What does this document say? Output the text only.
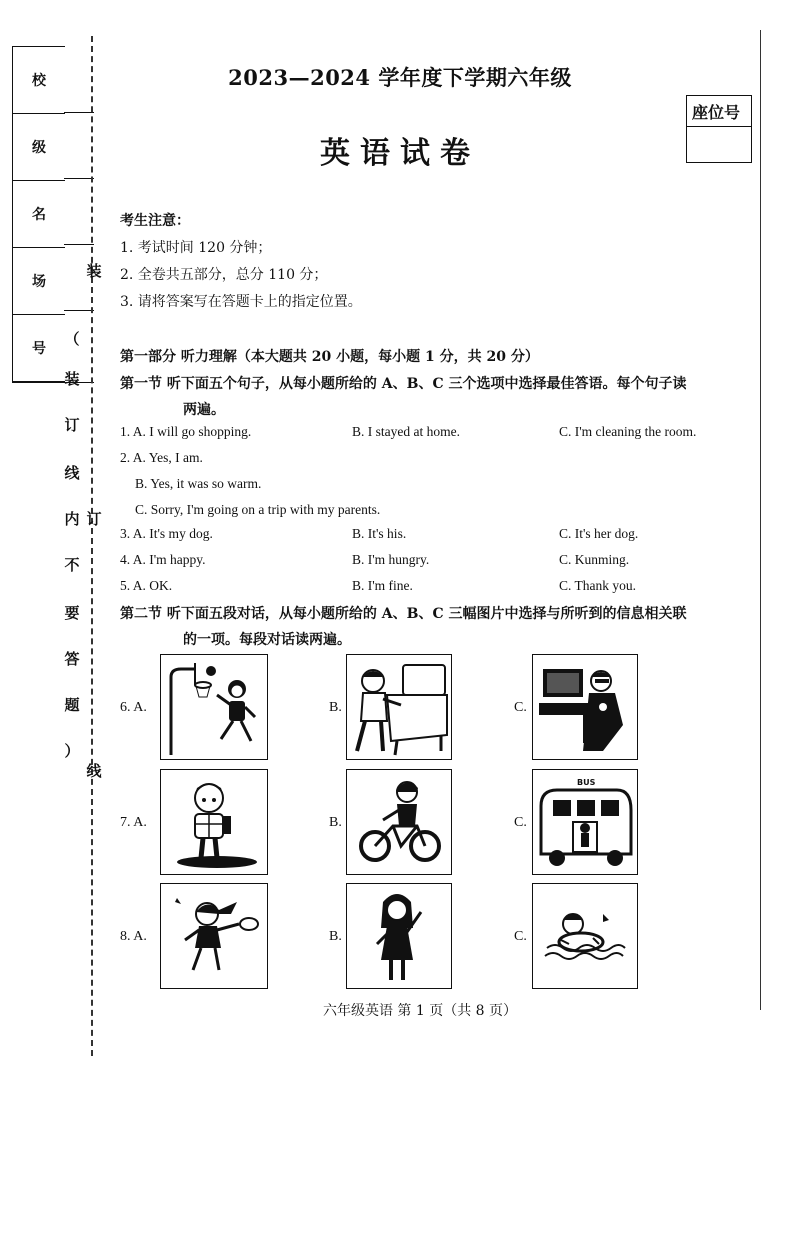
校
级
名
场
号
装
订
线
（
装
订
线
内
不
要
答
题
）
2023—2024 学年度下学期六年级
英语试卷
座位号
考生注意：
1. 考试时间 120 分钟；
2. 全卷共五部分，总分 110 分；
3. 请将答案写在答题卡上的指定位置。
第一部分 听力理解（本大题共 20 小题，每小题 1 分，共 20 分）
第一节 听下面五个句子，从每小题所给的 A、B、C 三个选项中选择最佳答语。每个句子读
两遍。
1. A. I will go shopping.	B. I stayed at home.	C. I'm cleaning the room.
2. A. Yes, I am.
B. Yes, it was so warm.
C. Sorry, I'm going on a trip with my parents.
3. A. It's my dog.	B. It's his.	C. It's her dog.
4. A. I'm happy.	B. I'm hungry.	C. Kunming.
5. A. OK.	B. I'm fine.	C. Thank you.
第二节 听下面五段对话，从每小题所给的 A、B、C 三幅图片中选择与所听到的信息相关联
的一项。每段对话读两遍。
6. A.	B.	C.
7. A.	B.	C.
8. A.	B.	C.
BUS
六年级英语 第 1 页（共 8 页）
